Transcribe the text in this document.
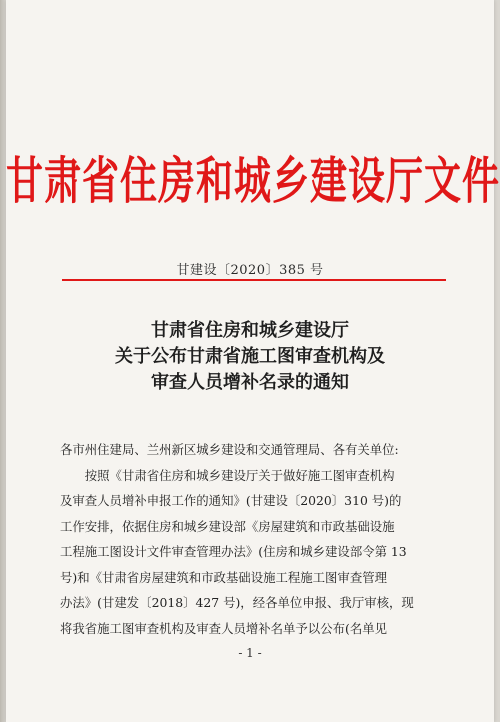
甘肃省住房和城乡建设厅文件
甘建设〔2020〕385 号
甘肃省住房和城乡建设厅
关于公布甘肃省施工图审查机构及
审查人员增补名录的通知
各市州住建局、兰州新区城乡建设和交通管理局、各有关单位:
　　按照《甘肃省住房和城乡建设厅关于做好施工图审查机构
及审查人员增补申报工作的通知》(甘建设〔2020〕310 号)的
工作安排，依据住房和城乡建设部《房屋建筑和市政基础设施
工程施工图设计文件审查管理办法》(住房和城乡建设部令第 13
号)和《甘肃省房屋建筑和市政基础设施工程施工图审查管理
办法》(甘建发〔2018〕427 号)，经各单位申报、我厅审核，现
将我省施工图审查机构及审查人员增补名单予以公布(名单见
- 1 -
